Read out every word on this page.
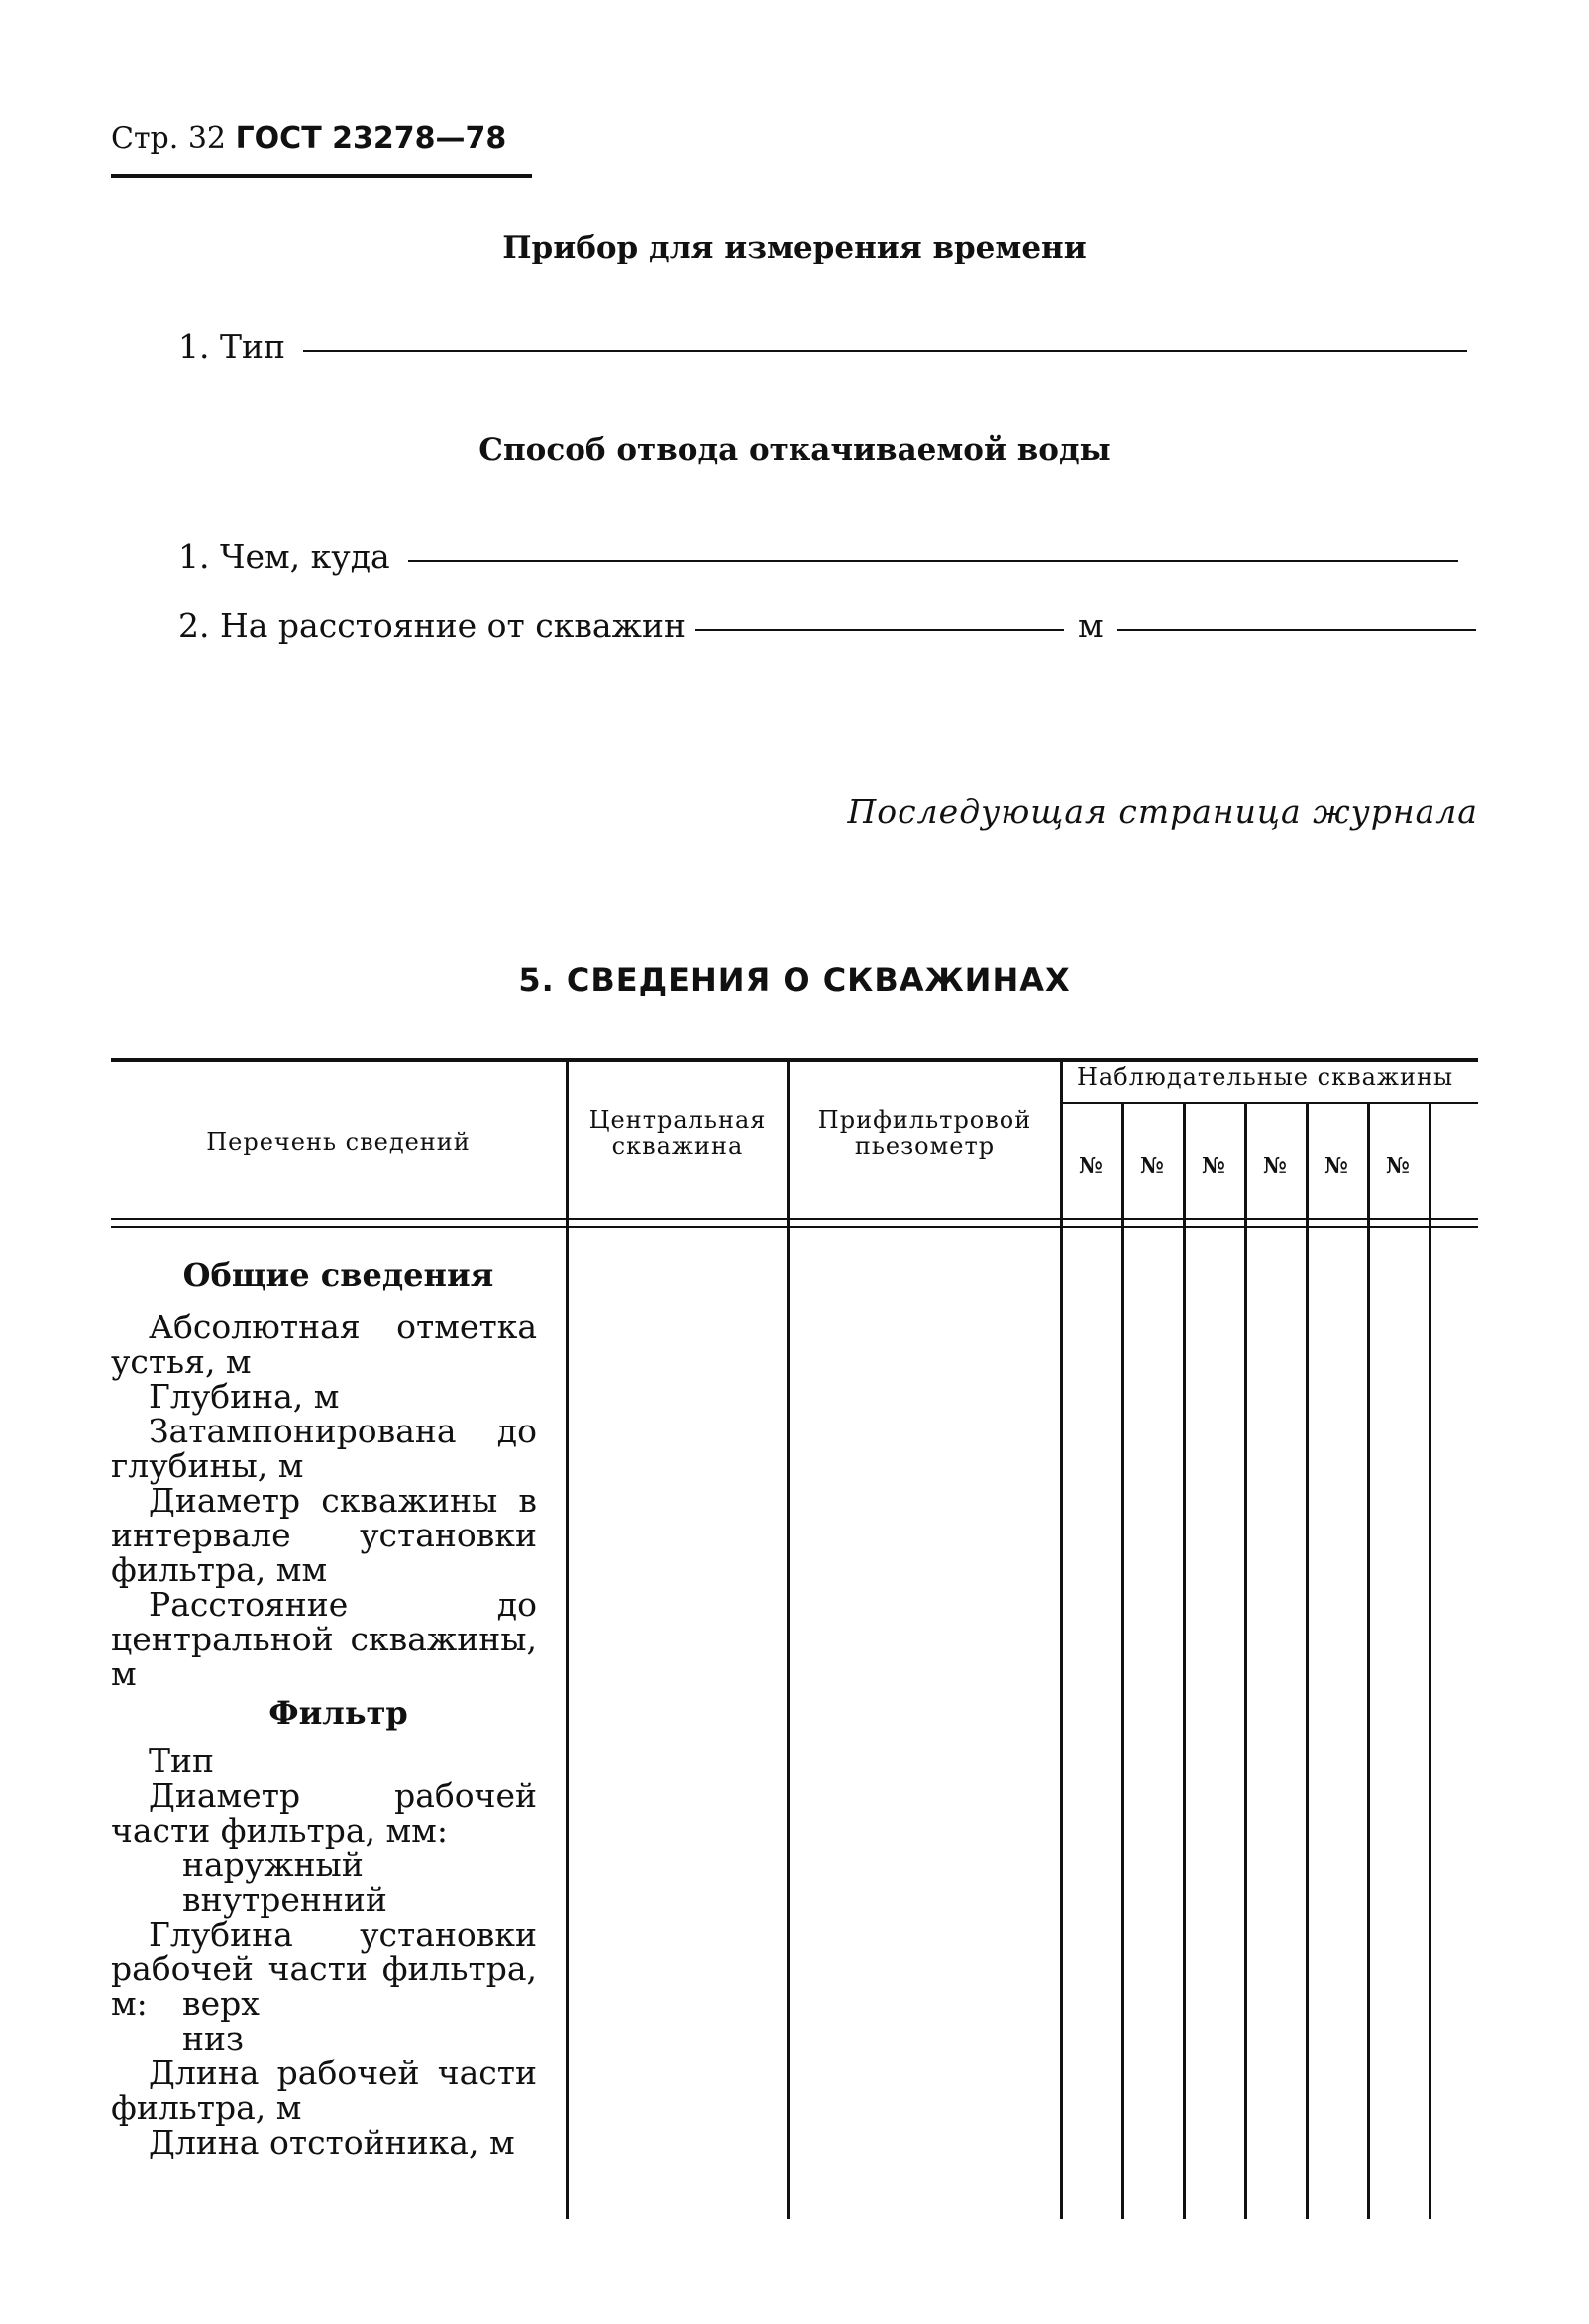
Стр. 32 ГОСТ 23278—78
Прибор для измерения времени
1. Тип
Способ отвода откачиваемой воды
1. Чем, куда
2. На расстояние от скважин	м
Последующая страница журнала
5. СВЕДЕНИЯ О СКВАЖИНАХ
Перечень сведений
Центральная
скважина
Прифильтровой
пьезометр
Наблюдательные скважины
№ № № № № №
Общие сведения
Абсолютная отметка устья, м
Глубина, м
Затампонирована до глубины, м
Диаметр скважины в интервале установки фильтра, мм
Расстояние до центральной скважины, м
Фильтр
Тип
Диаметр рабочей части фильтра, мм:
наружный
внутренний
Глубина установки рабочей части фильтра, м:	верх
низ
Длина рабочей части фильтра, м
Длина отстойника, м
